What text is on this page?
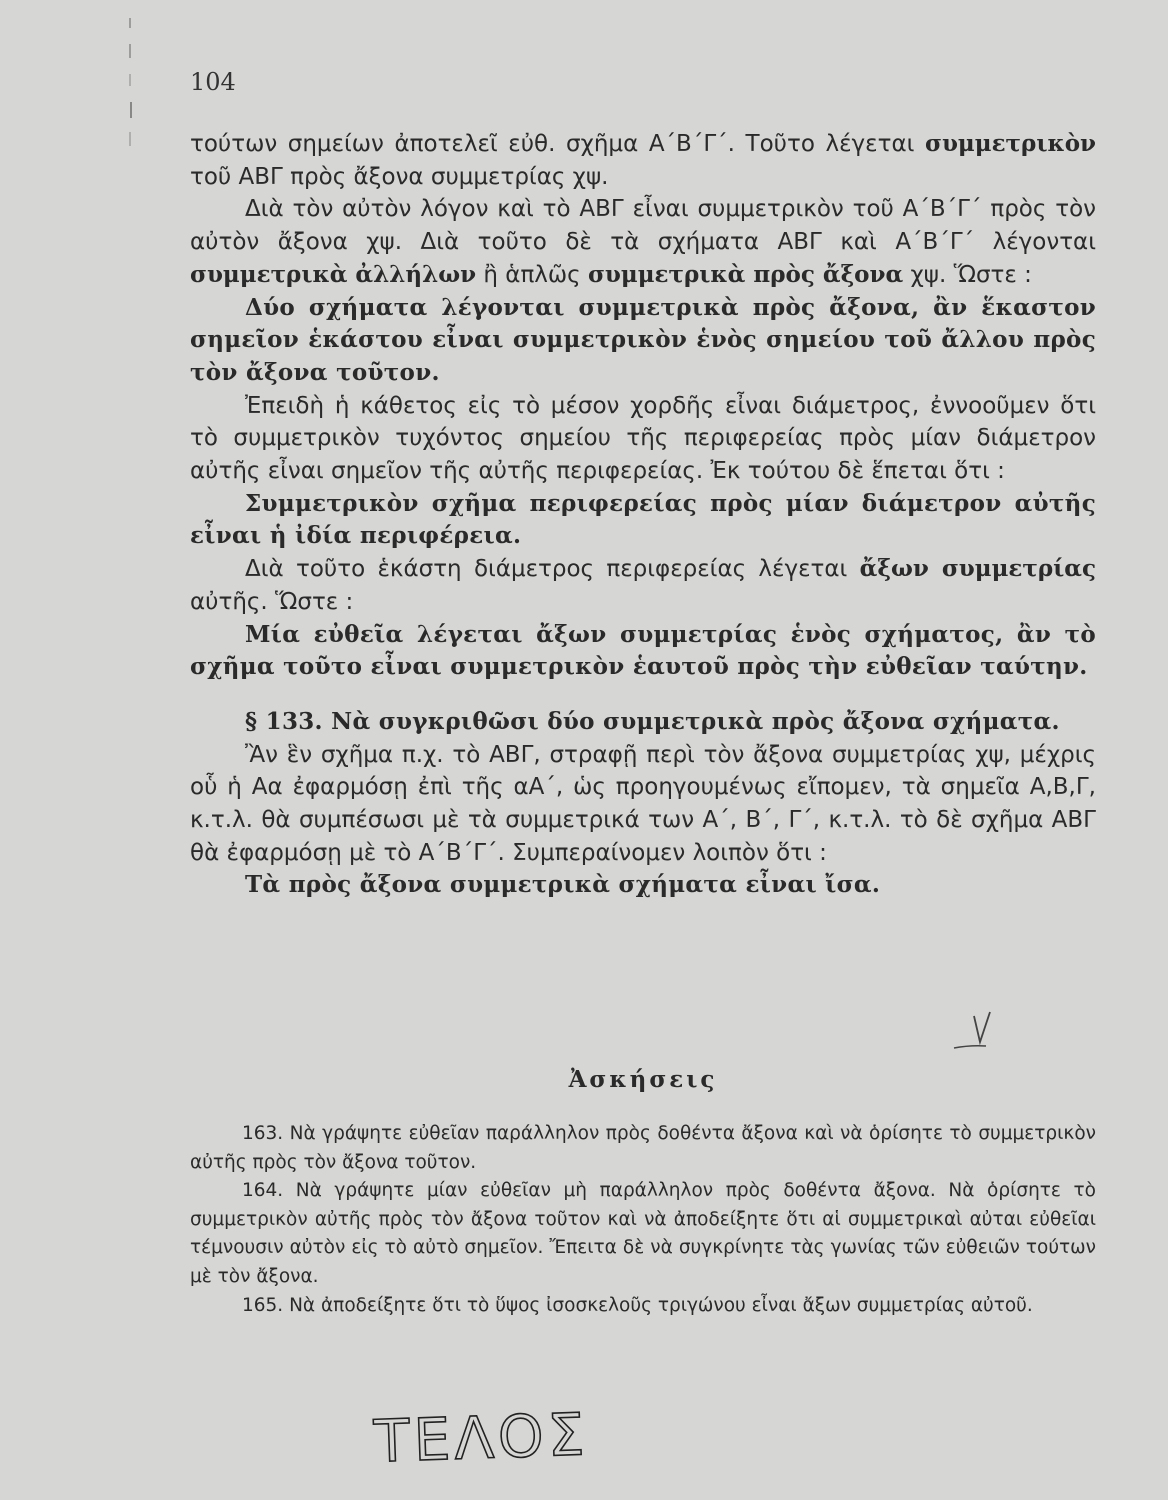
104

τούτων σημείων ἀποτελεῖ εὐθ. σχῆμα Α΄Β΄Γ΄. Τοῦτο λέγεται συμμετρικὸν τοῦ ΑΒΓ πρὸς ἄξονα συμμετρίας χψ.

Διὰ τὸν αὐτὸν λόγον καὶ τὸ ΑΒΓ εἶναι συμμετρικὸν τοῦ Α΄Β΄Γ΄ πρὸς τὸν αὐτὸν ἄξονα χψ. Διὰ τοῦτο δὲ τὰ σχήματα ΑΒΓ καὶ Α΄Β΄Γ΄ λέγονται συμμετρικὰ ἀλλήλων ἢ ἁπλῶς συμμετρικὰ πρὸς ἄξονα χψ. Ὥστε :

Δύο σχήματα λέγονται συμμετρικὰ πρὸς ἄξονα, ἂν ἕκαστον σημεῖον ἑκάστου εἶναι συμμετρικὸν ἑνὸς σημείου τοῦ ἄλλου πρὸς τὸν ἄξονα τοῦτον.

Ἐπειδὴ ἡ κάθετος εἰς τὸ μέσον χορδῆς εἶναι διάμετρος, ἐννοοῦμεν ὅτι τὸ συμμετρικὸν τυχόντος σημείου τῆς περιφερείας πρὸς μίαν διάμετρον αὐτῆς εἶναι σημεῖον τῆς αὐτῆς περιφερείας. Ἐκ τούτου δὲ ἕπεται ὅτι :

Συμμετρικὸν σχῆμα περιφερείας πρὸς μίαν διάμετρον αὐτῆς εἶναι ἡ ἰδία περιφέρεια.

Διὰ τοῦτο ἑκάστη διάμετρος περιφερείας λέγεται ἄξων συμμετρίας αὐτῆς. Ὥστε :

Μία εὐθεῖα λέγεται ἄξων συμμετρίας ἑνὸς σχήματος, ἂν τὸ σχῆμα τοῦτο εἶναι συμμετρικὸν ἑαυτοῦ πρὸς τὴν εὐθεῖαν ταύτην.

§ 133. Νὰ συγκριθῶσι δύο συμμετρικὰ πρὸς ἄξονα σχήματα.

Ἂν ἓν σχῆμα π.χ. τὸ ΑΒΓ, στραφῇ περὶ τὸν ἄξονα συμμετρίας χψ, μέχρις οὗ ἡ Αα ἐφαρμόσῃ ἐπὶ τῆς αΑ΄, ὡς προηγουμένως εἴπομεν, τὰ σημεῖα Α,Β,Γ, κ.τ.λ. θὰ συμπέσωσι μὲ τὰ συμμετρικά των Α΄, Β΄, Γ΄, κ.τ.λ. τὸ δὲ σχῆμα ΑΒΓ θὰ ἐφαρμόσῃ μὲ τὸ Α΄Β΄Γ΄. Συμπεραίνομεν λοιπὸν ὅτι :

Τὰ πρὸς ἄξονα συμμετρικὰ σχήματα εἶναι ἴσα.

Ἀσκήσεις

163. Νὰ γράψητε εὐθεῖαν παράλληλον πρὸς δοθέντα ἄξονα καὶ νὰ ὁρίσητε τὸ συμμετρικὸν αὐτῆς πρὸς τὸν ἄξονα τοῦτον.

164. Νὰ γράψητε μίαν εὐθεῖαν μὴ παράλληλον πρὸς δοθέντα ἄξονα. Νὰ ὁρίσητε τὸ συμμετρικὸν αὐτῆς πρὸς τὸν ἄξονα τοῦτον καὶ νὰ ἀποδείξητε ὅτι αἱ συμμετρικαὶ αὐται εὐθεῖαι τέμνουσιν αὐτὸν εἰς τὸ αὐτὸ σημεῖον. Ἔπειτα δὲ νὰ συγκρίνητε τὰς γωνίας τῶν εὐθειῶν τούτων μὲ τὸν ἄξονα.

165. Νὰ ἀποδείξητε ὅτι τὸ ὕψος ἰσοσκελοῦς τριγώνου εἶναι ἄξων συμμετρίας αὐτοῦ.

ΤΕΛΟΣ
